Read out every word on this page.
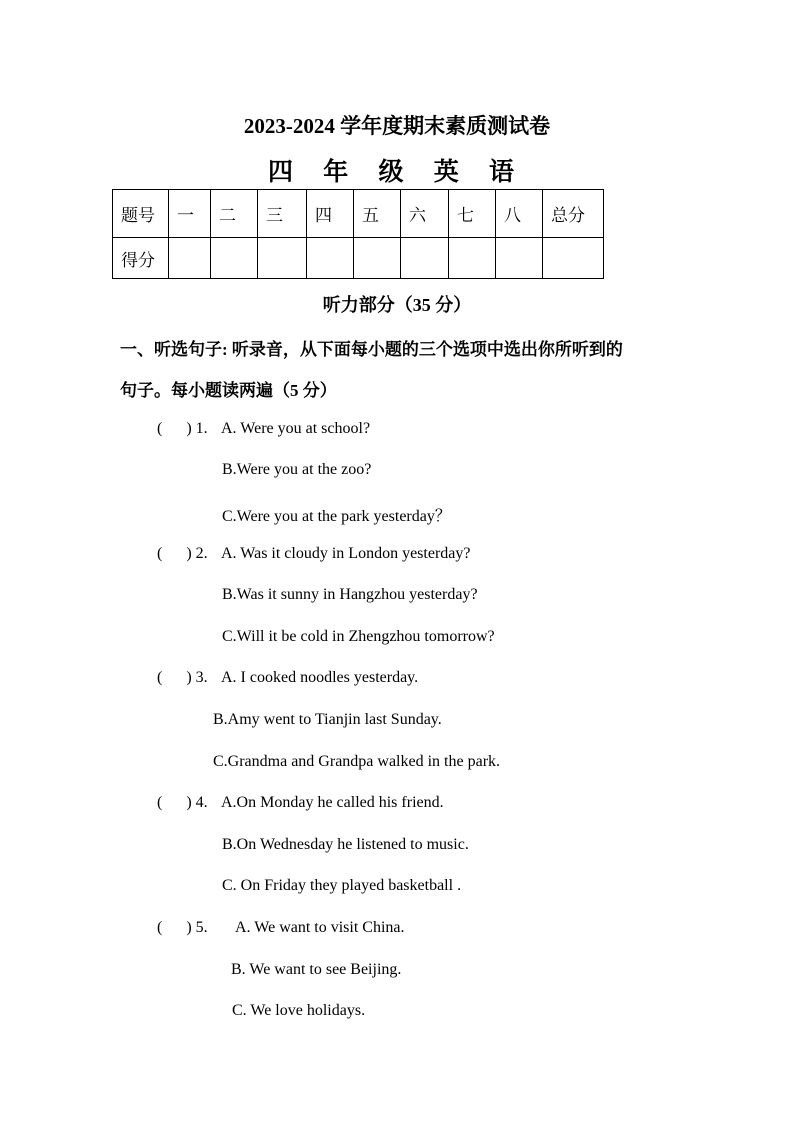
2023-2024 学年度期末素质测试卷
四 年 级 英 语
题号	一	二	三	四	五	六	七	八	总分
得分									
听力部分（35 分）
一、听选句子: 听录音，从下面每小题的三个选项中选出你所听到的
句子。每小题读两遍（5 分）
(      ) 1. A. Were you at school?
B.Were you at the zoo?
C.Were you at the park yesterday？
(      ) 2. A. Was it cloudy in London yesterday?
B.Was it sunny in Hangzhou yesterday?
C.Will it be cold in Zhengzhou tomorrow?
(      ) 3. A. I cooked noodles yesterday.
B.Amy went to Tianjin last Sunday.
C.Grandma and Grandpa walked in the park.
(      ) 4. A.On Monday he called his friend.
B.On Wednesday he listened to music.
C. On Friday they played basketball .
(      ) 5. A. We want to visit China.
B. We want to see Beijing.
C. We love holidays.
